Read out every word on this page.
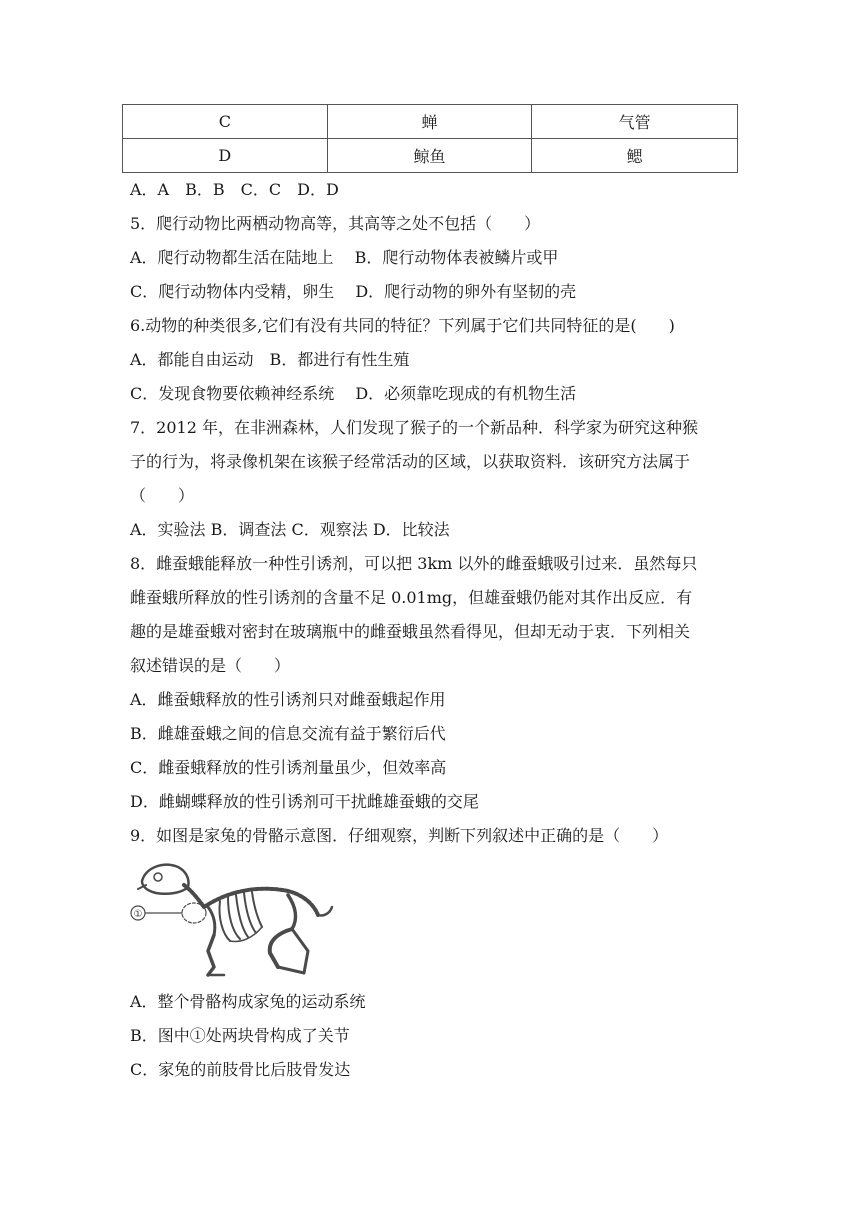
C	蝉	气管
D	鲸鱼	鳃
A．A　B．B　C．C　D．D
5．爬行动物比两栖动物高等，其高等之处不包括（　　）
A．爬行动物都生活在陆地上　 B．爬行动物体表被鳞片或甲
C．爬行动物体内受精，卵生　 D．爬行动物的卵外有坚韧的壳
6.动物的种类很多,它们有没有共同的特征？下列属于它们共同特征的是(　　)
A．都能自由运动　B．都进行有性生殖
C．发现食物要依赖神经系统　 D．必须靠吃现成的有机物生活
7．2012 年，在非洲森林，人们发现了猴子的一个新品种．科学家为研究这种猴
子的行为，将录像机架在该猴子经常活动的区域，以获取资料．该研究方法属于
（　　）
A．实验法 B．调查法 C．观察法 D．比较法
8．雌蚕蛾能释放一种性引诱剂，可以把 3km 以外的雌蚕蛾吸引过来．虽然每只
雌蚕蛾所释放的性引诱剂的含量不足 0.01mg，但雄蚕蛾仍能对其作出反应．有
趣的是雄蚕蛾对密封在玻璃瓶中的雌蚕蛾虽然看得见，但却无动于衷．下列相关
叙述错误的是（　　）
A．雌蚕蛾释放的性引诱剂只对雌蚕蛾起作用
B．雌雄蚕蛾之间的信息交流有益于繁衍后代
C．雌蚕蛾释放的性引诱剂量虽少，但效率高
D．雌蝴蝶释放的性引诱剂可干扰雌雄蚕蛾的交尾
9．如图是家兔的骨骼示意图．仔细观察，判断下列叙述中正确的是（　　）
①
A．整个骨骼构成家兔的运动系统
B．图中①处两块骨构成了关节
C．家兔的前肢骨比后肢骨发达
